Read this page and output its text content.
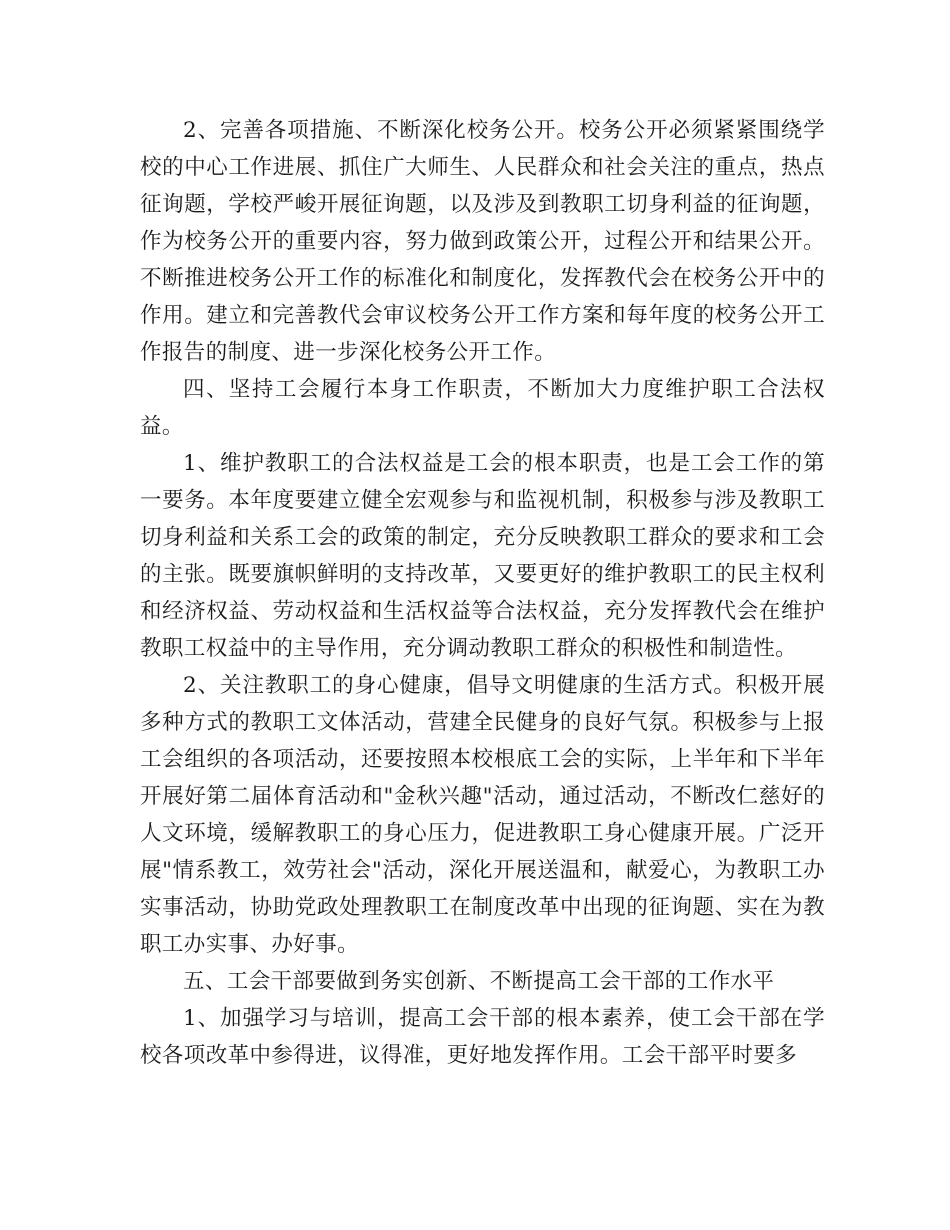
2、完善各项措施、不断深化校务公开。校务公开必须紧紧围绕学校的中心工作进展、抓住广大师生、人民群众和社会关注的重点，热点征询题，学校严峻开展征询题，以及涉及到教职工切身利益的征询题，作为校务公开的重要内容，努力做到政策公开，过程公开和结果公开。不断推进校务公开工作的标准化和制度化，发挥教代会在校务公开中的作用。建立和完善教代会审议校务公开工作方案和每年度的校务公开工作报告的制度、进一步深化校务公开工作。

四、坚持工会履行本身工作职责，不断加大力度维护职工合法权益。

1、维护教职工的合法权益是工会的根本职责，也是工会工作的第一要务。本年度要建立健全宏观参与和监视机制，积极参与涉及教职工切身利益和关系工会的政策的制定，充分反映教职工群众的要求和工会的主张。既要旗帜鲜明的支持改革，又要更好的维护教职工的民主权利和经济权益、劳动权益和生活权益等合法权益，充分发挥教代会在维护教职工权益中的主导作用，充分调动教职工群众的积极性和制造性。

2、关注教职工的身心健康，倡导文明健康的生活方式。积极开展多种方式的教职工文体活动，营建全民健身的良好气氛。积极参与上报工会组织的各项活动，还要按照本校根底工会的实际，上半年和下半年开展好第二届体育活动和"金秋兴趣"活动，通过活动，不断改仁慈好的人文环境，缓解教职工的身心压力，促进教职工身心健康开展。广泛开展"情系教工，效劳社会"活动，深化开展送温和，献爱心，为教职工办实事活动，协助党政处理教职工在制度改革中出现的征询题、实在为教职工办实事、办好事。

五、工会干部要做到务实创新、不断提高工会干部的工作水平

1、加强学习与培训，提高工会干部的根本素养，使工会干部在学校各项改革中参得进，议得准，更好地发挥作用。工会干部平时要多
